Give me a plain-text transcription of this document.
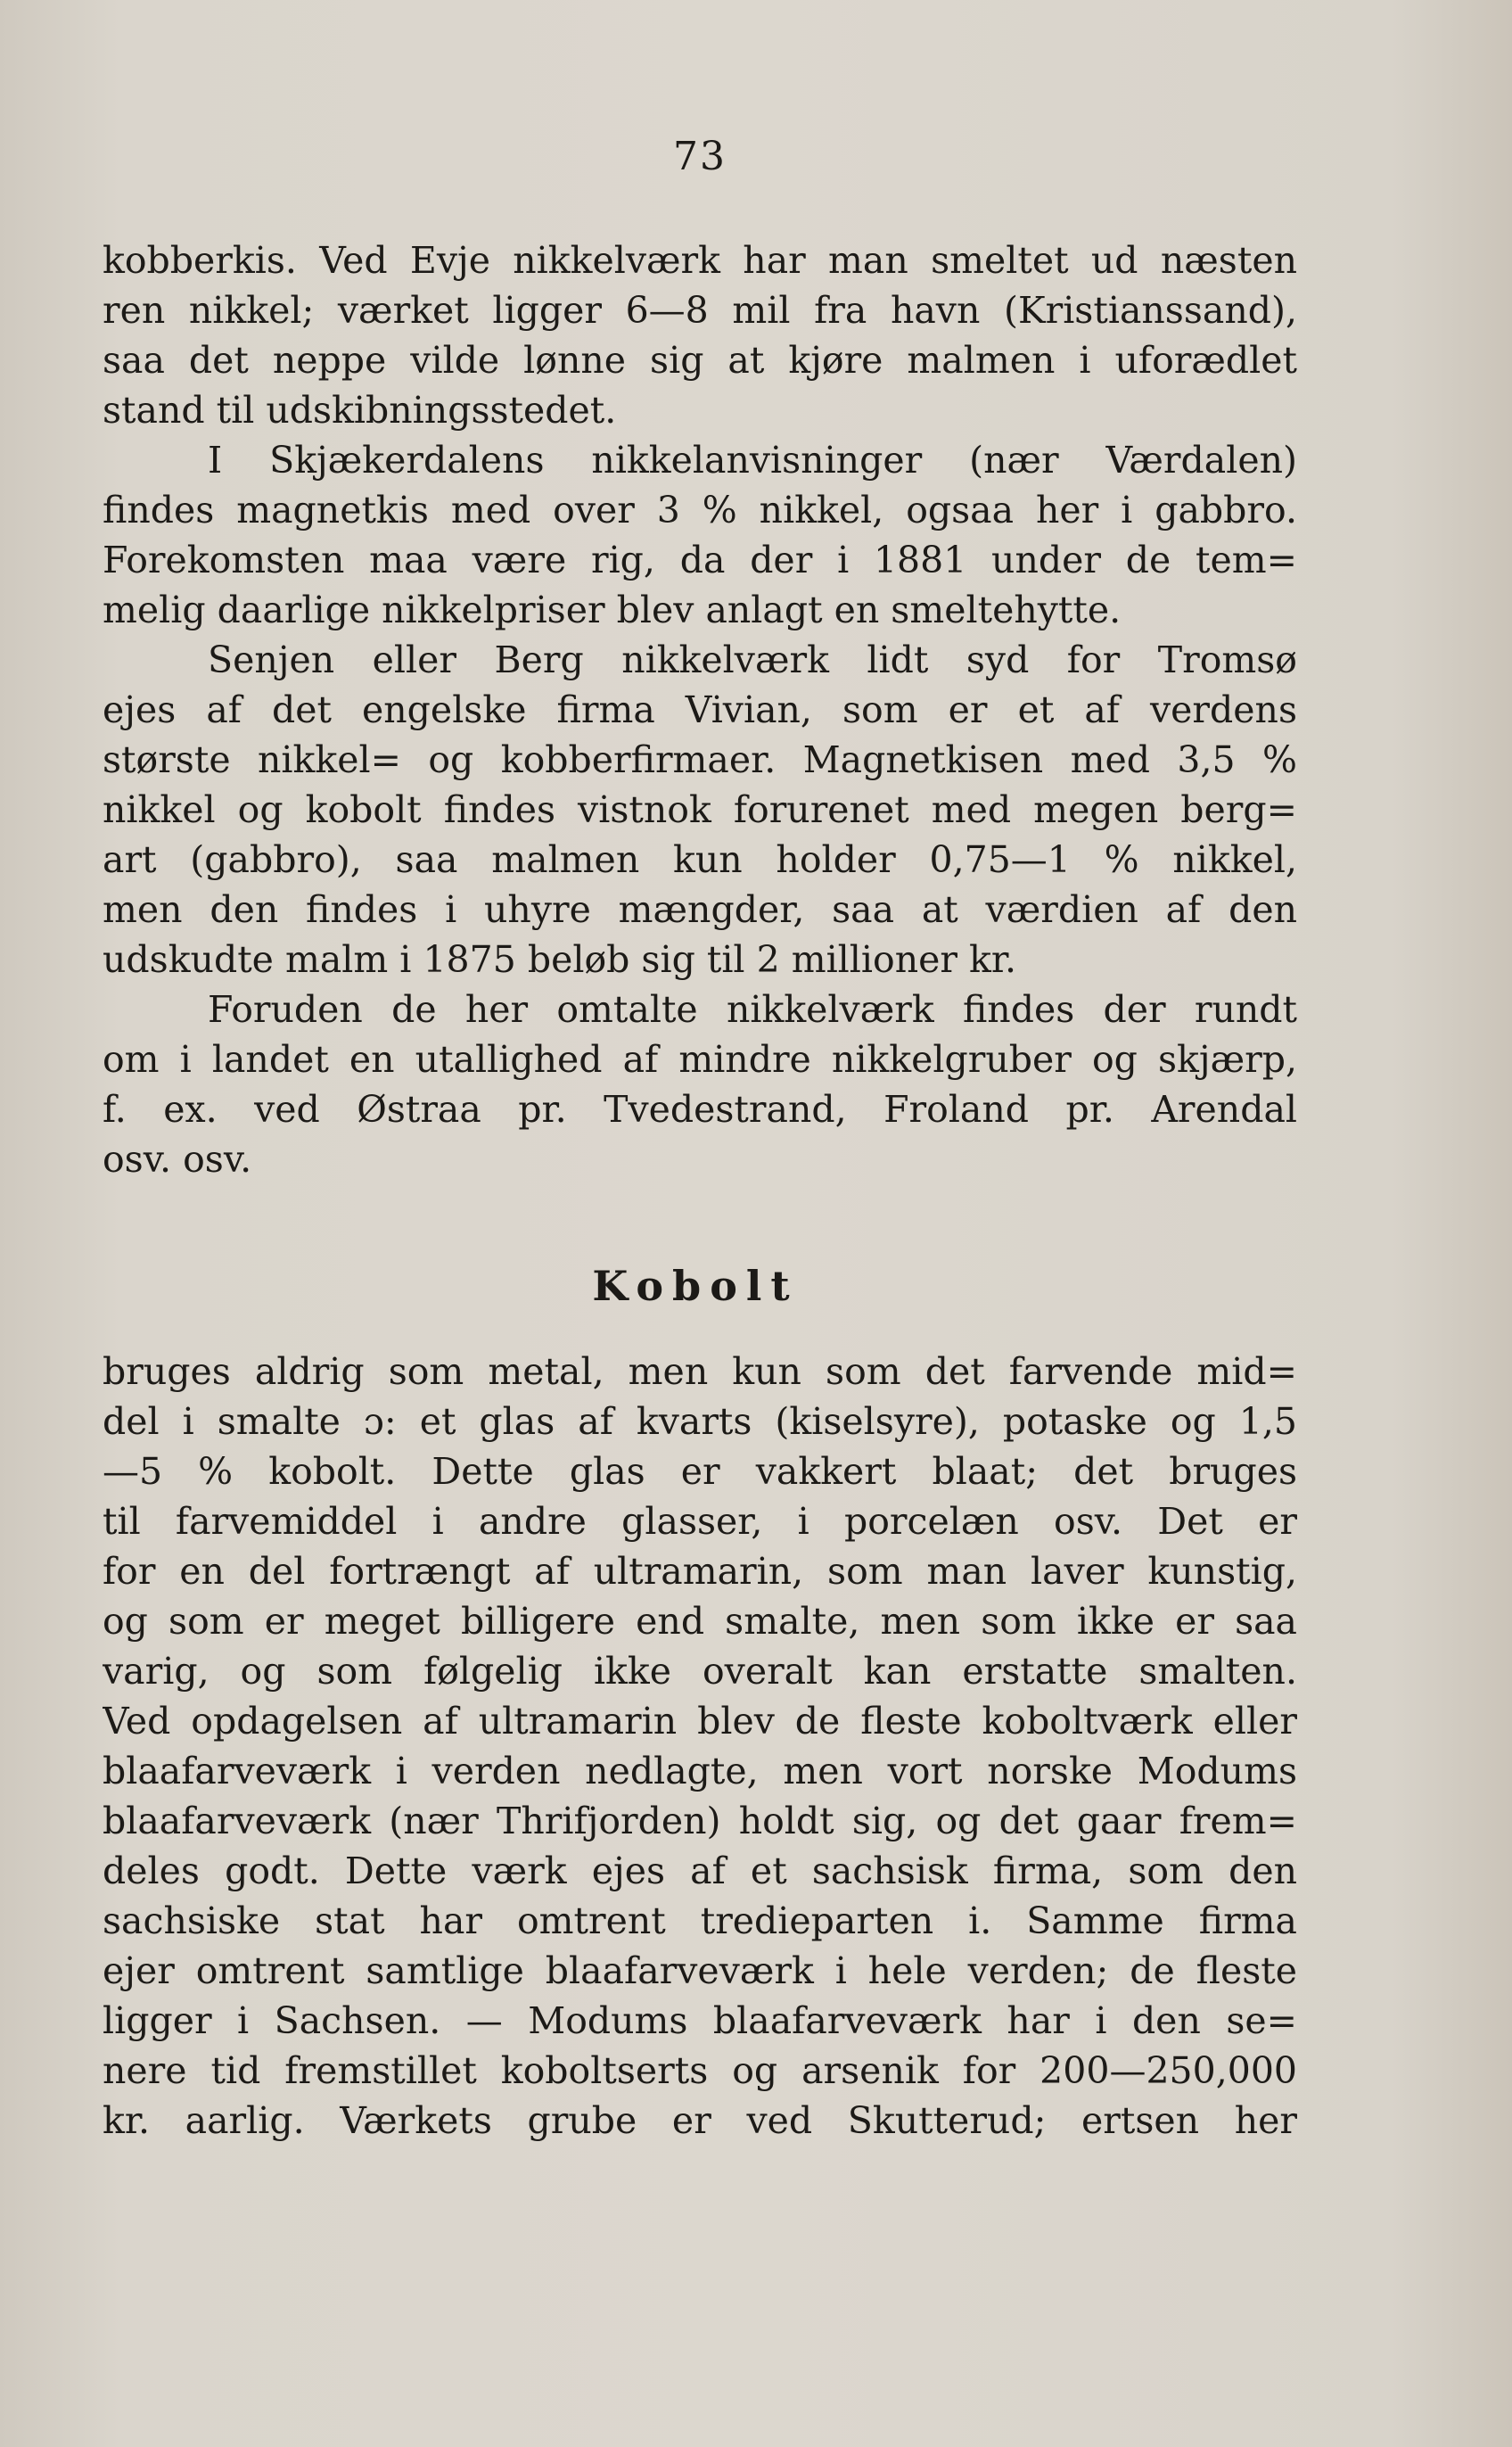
73
kobberkis. Ved Evje nikkelværk har man smeltet ud næsten
ren nikkel; værket ligger 6—8 mil fra havn (Kristianssand),
saa det neppe vilde lønne sig at kjøre malmen i uforædlet
stand til udskibningsstedet.
I Skjækerdalens nikkelanvisninger (nær Værdalen)
findes magnetkis med over 3 % nikkel, ogsaa her i gabbro.
Forekomsten maa være rig, da der i 1881 under de tem=
melig daarlige nikkelpriser blev anlagt en smeltehytte.
Senjen eller Berg nikkelværk lidt syd for Tromsø
ejes af det engelske firma Vivian, som er et af verdens
største nikkel= og kobberfirmaer. Magnetkisen med 3,5 %
nikkel og kobolt findes vistnok forurenet med megen berg=
art (gabbro), saa malmen kun holder 0,75—1 % nikkel,
men den findes i uhyre mængder, saa at værdien af den
udskudte malm i 1875 beløb sig til 2 millioner kr.
Foruden de her omtalte nikkelværk findes der rundt
om i landet en utallighed af mindre nikkelgruber og skjærp,
f. ex. ved Østraa pr. Tvedestrand, Froland pr. Arendal
osv. osv.
Kobolt
bruges aldrig som metal, men kun som det farvende mid=
del i smalte ɔ: et glas af kvarts (kiselsyre), potaske og 1,5
—5 % kobolt. Dette glas er vakkert blaat; det bruges
til farvemiddel i andre glasser, i porcelæn osv. Det er
for en del fortrængt af ultramarin, som man laver kunstig,
og som er meget billigere end smalte, men som ikke er saa
varig, og som følgelig ikke overalt kan erstatte smalten.
Ved opdagelsen af ultramarin blev de fleste koboltværk eller
blaafarveværk i verden nedlagte, men vort norske Modums
blaafarveværk (nær Thrifjorden) holdt sig, og det gaar frem=
deles godt. Dette værk ejes af et sachsisk firma, som den
sachsiske stat har omtrent tredieparten i. Samme firma
ejer omtrent samtlige blaafarveværk i hele verden; de fleste
ligger i Sachsen. — Modums blaafarveværk har i den se=
nere tid fremstillet koboltserts og arsenik for 200—250,000
kr. aarlig. Værkets grube er ved Skutterud; ertsen her
